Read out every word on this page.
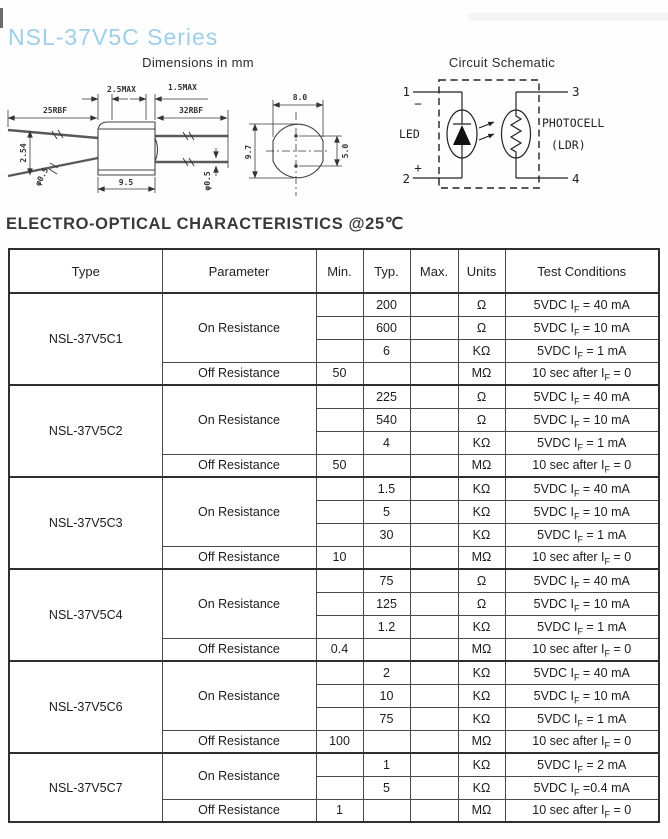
NSL-37V5C Series
Dimensions in mm	Circuit Schematic
2.5MAX	1.5MAX
25RBF	32RBF
9.5
2.54
φ0.5	φ0.5
8.0
9.7	5.0
1
2
3
4
−
+
LED
PHOTOCELL
(LDR)
ELECTRO-OPTICAL CHARACTERISTICS @25℃
Type	Parameter	Min.	Typ.	Max.	Units	Test Conditions
NSL-37V5C1	On Resistance		200		Ω	5VDC $I_F = 40$ mA
			600		Ω	5VDC $I_F = 10$ mA
			6		KΩ	5VDC $I_F = 1$ mA
	Off Resistance	50			MΩ	10 sec after $I_F = 0$
NSL-37V5C2	On Resistance		225		Ω	5VDC $I_F = 40$ mA
			540		Ω	5VDC $I_F = 10$ mA
			4		KΩ	5VDC $I_F = 1$ mA
	Off Resistance	50			MΩ	10 sec after $I_F = 0$
NSL-37V5C3	On Resistance		1.5		KΩ	5VDC $I_F = 40$ mA
			5		KΩ	5VDC $I_F = 10$ mA
			30		KΩ	5VDC $I_F = 1$ mA
	Off Resistance	10			MΩ	10 sec after $I_F = 0$
NSL-37V5C4	On Resistance		75		Ω	5VDC $I_F = 40$ mA
			125		Ω	5VDC $I_F = 10$ mA
			1.2		KΩ	5VDC $I_F = 1$ mA
	Off Resistance	0.4			MΩ	10 sec after $I_F = 0$
NSL-37V5C6	On Resistance		2		KΩ	5VDC $I_F = 40$ mA
			10		KΩ	5VDC $I_F = 10$ mA
			75		KΩ	5VDC $I_F = 1$ mA
	Off Resistance	100			MΩ	10 sec after $I_F = 0$
NSL-37V5C7	On Resistance		1		KΩ	5VDC $I_F = 2$ mA
			5		KΩ	5VDC $I_F =0.4$ mA
	Off Resistance	1			MΩ	10 sec after $I_F = 0$
